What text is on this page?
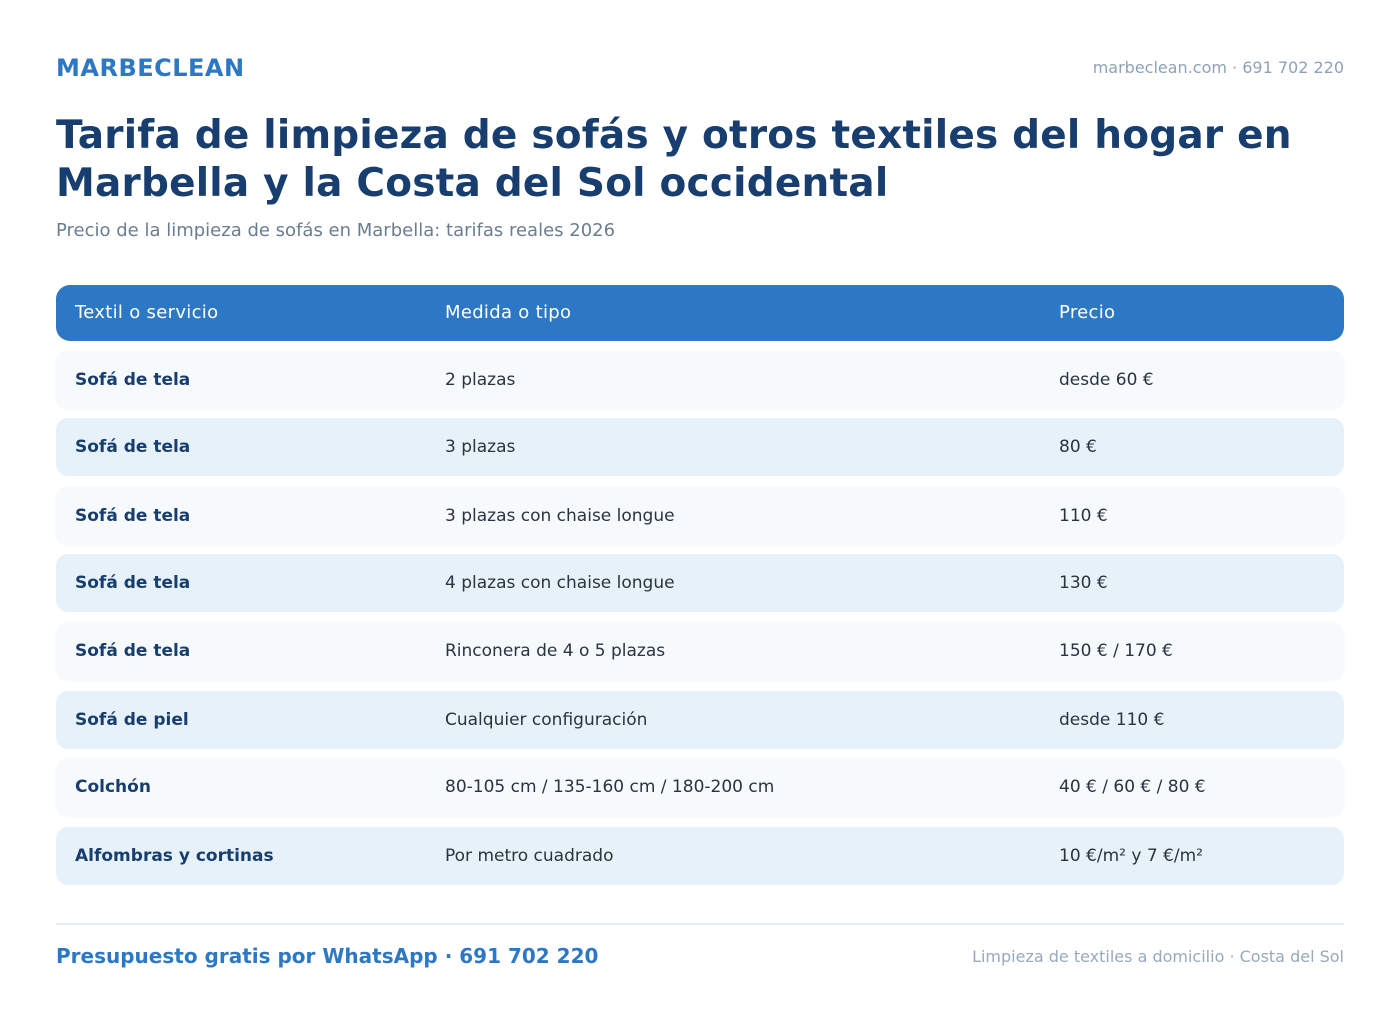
MARBECLEAN	marbeclean.com · 691 702 220
Tarifa de limpieza de sofás y otros textiles del hogar en Marbella y la Costa del Sol occidental
Precio de la limpieza de sofás en Marbella: tarifas reales 2026
Textil o servicio	Medida o tipo	Precio
Sofá de tela	2 plazas	desde 60 €
Sofá de tela	3 plazas	80 €
Sofá de tela	3 plazas con chaise longue	110 €
Sofá de tela	4 plazas con chaise longue	130 €
Sofá de tela	Rinconera de 4 o 5 plazas	150 € / 170 €
Sofá de piel	Cualquier configuración	desde 110 €
Colchón	80-105 cm / 135-160 cm / 180-200 cm	40 € / 60 € / 80 €
Alfombras y cortinas	Por metro cuadrado	10 €/m² y 7 €/m²
Presupuesto gratis por WhatsApp · 691 702 220	Limpieza de textiles a domicilio · Costa del Sol
